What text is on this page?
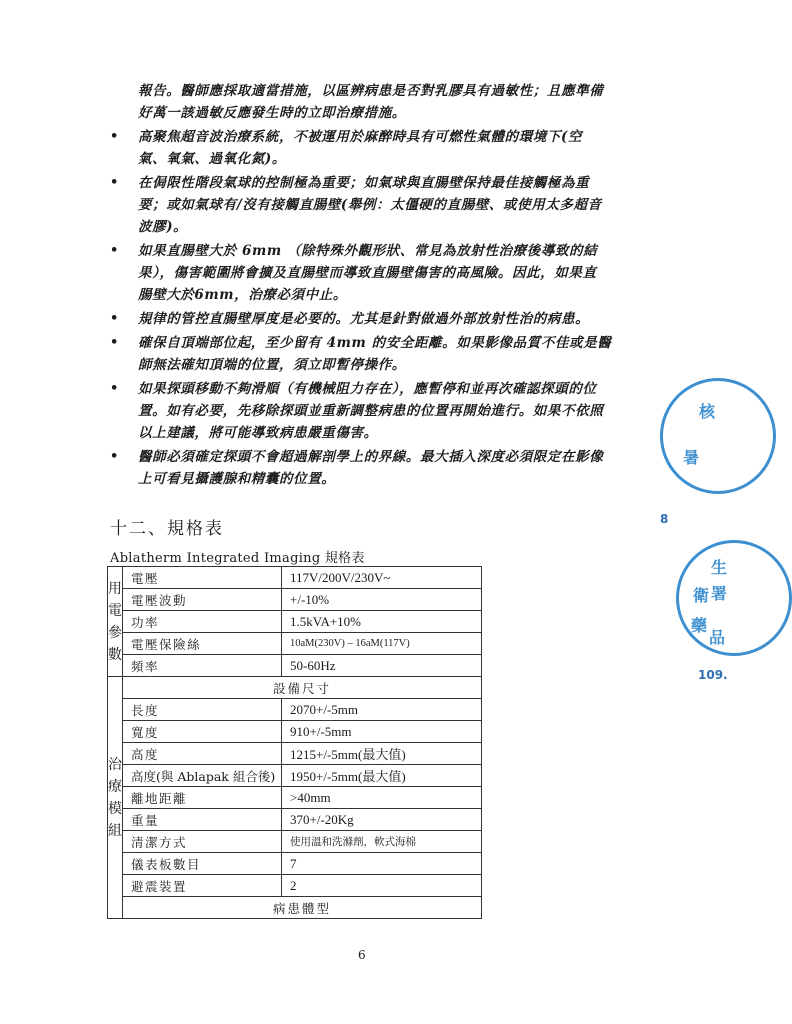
報告。醫師應採取適當措施，以區辨病患是否對乳膠具有過敏性；且應準備
好萬一該過敏反應發生時的立即治療措施。
• 高聚焦超音波治療系統，不被運用於麻醉時具有可燃性氣體的環境下(空
氣、氧氣、過氧化氮)。
• 在侷限性階段氣球的控制極為重要；如氣球與直腸壁保持最佳接觸極為重
要；或如氣球有/沒有接觸直腸壁(舉例：太僵硬的直腸壁、或使用太多超音
波膠)。
• 如果直腸壁大於 6mm （除特殊外觀形狀、常見為放射性治療後導致的結
果），傷害範圍將會擴及直腸壁而導致直腸壁傷害的高風險。因此，如果直
腸壁大於6mm，治療必須中止。
• 規律的管控直腸壁厚度是必要的。尤其是針對做過外部放射性治的病患。
• 確保自頂端部位起，至少留有 4mm 的安全距離。如果影像品質不佳或是醫
師無法確知頂端的位置，須立即暫停操作。
• 如果探頭移動不夠滑順（有機械阻力存在），應暫停和並再次確認探頭的位
置。如有必要，先移除探頭並重新調整病患的位置再開始進行。如果不依照
以上建議，將可能導致病患嚴重傷害。
• 醫師必須確定探頭不會超過解剖學上的界線。最大插入深度必須限定在影像
上可看見攝護腺和精囊的位置。
十二、規格表
Ablatherm Integrated Imaging 規格表
用
電
參
數	電壓	117V/200V/230V~
	電壓波動	+/-10%
	功率	1.5kVA+10%
	電壓保險絲	10aM(230V) – 16aM(117V)
	頻率	50-60Hz

治
療
模
組	設備尺寸	
	長度	2070+/-5mm
	寬度	910+/-5mm
	高度	1215+/-5mm(最大值)
	高度(與 Ablapak 組合後)	1950+/-5mm(最大值)
	離地距離	>40mm
	重量	370+/-20Kg
	清潔方式	使用溫和洗滌劑，軟式海棉
	儀表板數目	7
	避震裝置	2
	病患體型	
6
核
暑
衛
生
署
藥
品
8
109.
